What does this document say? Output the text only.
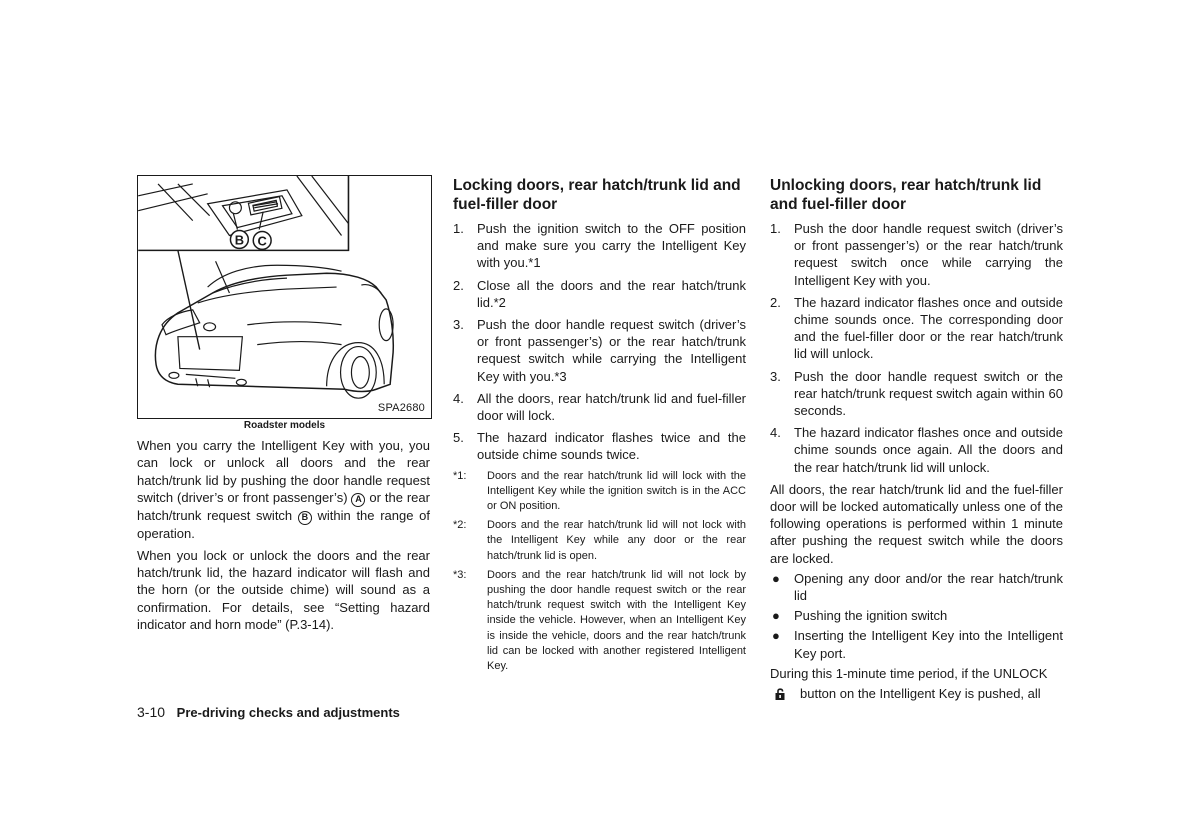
B C
SPA2680
Roadster models

When you carry the Intelligent Key with you, you can lock or unlock all doors and the rear hatch/trunk lid by pushing the door handle request switch (driver’s or front passenger’s) A or the rear hatch/trunk request switch B within the range of operation.

When you lock or unlock the doors and the rear hatch/trunk lid, the hazard indicator will flash and the horn (or the outside chime) will sound as a confirmation. For details, see “Setting hazard indicator and horn mode” (P.3-14).

3-10 Pre-driving checks and adjustments
Locking doors, rear hatch/trunk lid and fuel-filler door
1. Push the ignition switch to the OFF position and make sure you carry the Intelligent Key with you.*1
2. Close all the doors and the rear hatch/trunk lid.*2
3. Push the door handle request switch (driver’s or front passenger’s) or the rear hatch/trunk request switch while carrying the Intelligent Key with you.*3
4. All the doors, rear hatch/trunk lid and fuel-filler door will lock.
5. The hazard indicator flashes twice and the outside chime sounds twice.
*1: Doors and the rear hatch/trunk lid will lock with the Intelligent Key while the ignition switch is in the ACC or ON position.
*2: Doors and the rear hatch/trunk lid will not lock with the Intelligent Key while any door or the rear hatch/trunk lid is open.
*3: Doors and the rear hatch/trunk lid will not lock by pushing the door handle request switch or the rear hatch/trunk request switch with the Intelligent Key inside the vehicle. However, when an Intelligent Key is inside the vehicle, doors and the rear hatch/trunk lid can be locked with another registered Intelligent Key.
Unlocking doors, rear hatch/trunk lid and fuel-filler door
1. Push the door handle request switch (driver’s or front passenger’s) or the rear hatch/trunk request switch once while carrying the Intelligent Key with you.
2. The hazard indicator flashes once and outside chime sounds once. The corresponding door and the fuel-filler door or the rear hatch/trunk lid will unlock.
3. Push the door handle request switch or the rear hatch/trunk request switch again within 60 seconds.
4. The hazard indicator flashes once and outside chime sounds once again. All the doors and the rear hatch/trunk lid will unlock.

All doors, the rear hatch/trunk lid and the fuel-filler door will be locked automatically unless one of the following operations is performed within 1 minute after pushing the request switch while the doors are locked.

● Opening any door and/or the rear hatch/trunk lid
● Pushing the ignition switch
● Inserting the Intelligent Key into the Intelligent Key port.

During this 1-minute time period, if the UNLOCK

button on the Intelligent Key is pushed, all
